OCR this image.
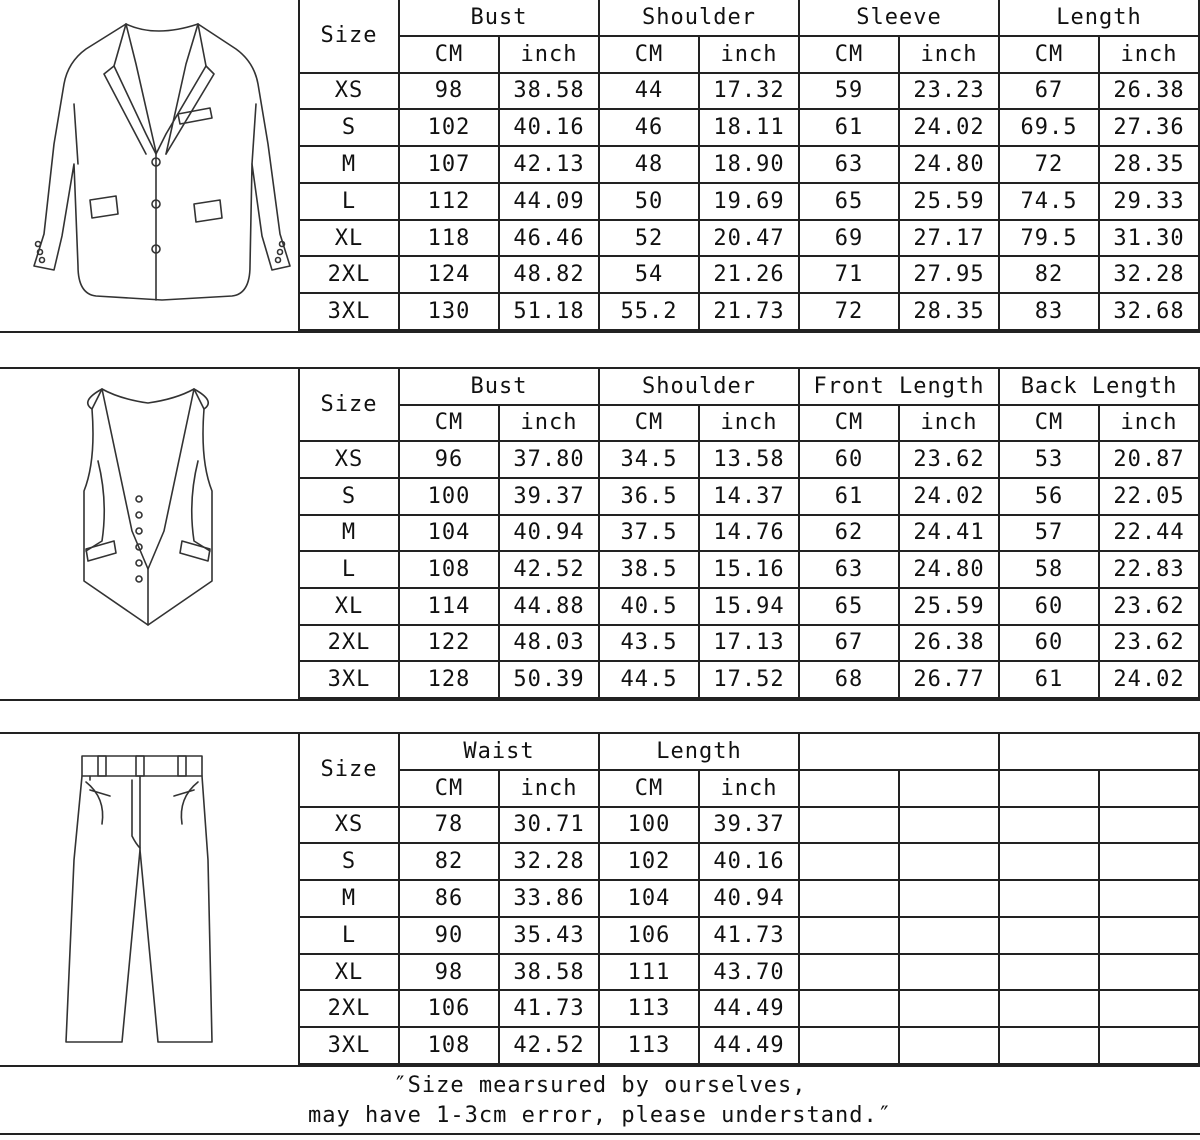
Size	Bust		Shoulder		Sleeve		Length	
	CM	inch	CM	inch	CM	inch	CM	inch
XS	98	38.58	44	17.32	59	23.23	67	26.38
S	102	40.16	46	18.11	61	24.02	69.5	27.36
M	107	42.13	48	18.90	63	24.80	72	28.35
L	112	44.09	50	19.69	65	25.59	74.5	29.33
XL	118	46.46	52	20.47	69	27.17	79.5	31.30
2XL	124	48.82	54	21.26	71	27.95	82	32.28
3XL	130	51.18	55.2	21.73	72	28.35	83	32.68
Size	Bust		Shoulder		Front Length		Back Length	
	CM	inch	CM	inch	CM	inch	CM	inch
XS	96	37.80	34.5	13.58	60	23.62	53	20.87
S	100	39.37	36.5	14.37	61	24.02	56	22.05
M	104	40.94	37.5	14.76	62	24.41	57	22.44
L	108	42.52	38.5	15.16	63	24.80	58	22.83
XL	114	44.88	40.5	15.94	65	25.59	60	23.62
2XL	122	48.03	43.5	17.13	67	26.38	60	23.62
3XL	128	50.39	44.5	17.52	68	26.77	61	24.02
Size	Waist		Length					
	CM	inch	CM	inch				
XS	78	30.71	100	39.37				
S	82	32.28	102	40.16				
M	86	33.86	104	40.94				
L	90	35.43	106	41.73				
XL	98	38.58	111	43.70				
2XL	106	41.73	113	44.49				
3XL	108	42.52	113	44.49				
″Size mearsured by ourselves,
may have 1-3cm error, please understand.″
